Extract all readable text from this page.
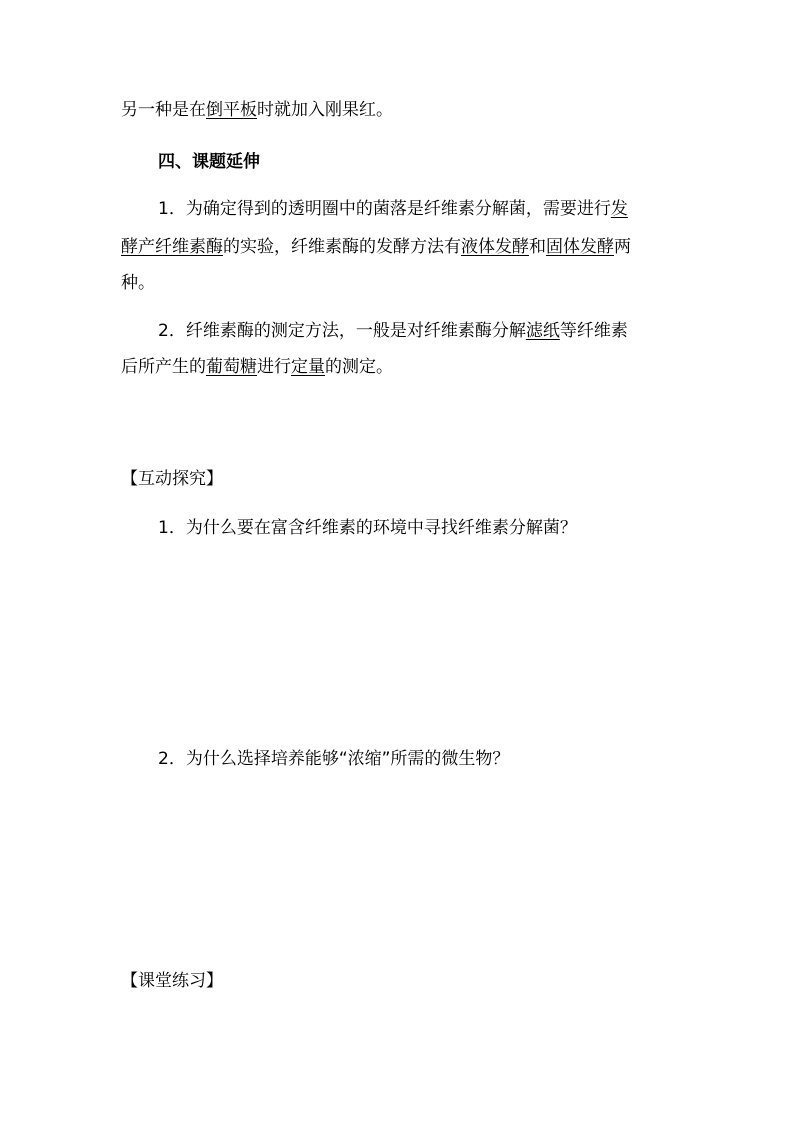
另一种是在倒平板时就加入刚果红。
四、课题延伸
1．为确定得到的透明圈中的菌落是纤维素分解菌，需要进行发
酵产纤维素酶的实验，纤维素酶的发酵方法有液体发酵和固体发酵两
种。
2．纤维素酶的测定方法，一般是对纤维素酶分解滤纸等纤维素
后所产生的葡萄糖进行定量的测定。
【互动探究】
1．为什么要在富含纤维素的环境中寻找纤维素分解菌？
2．为什么选择培养能够“浓缩”所需的微生物？
【课堂练习】
